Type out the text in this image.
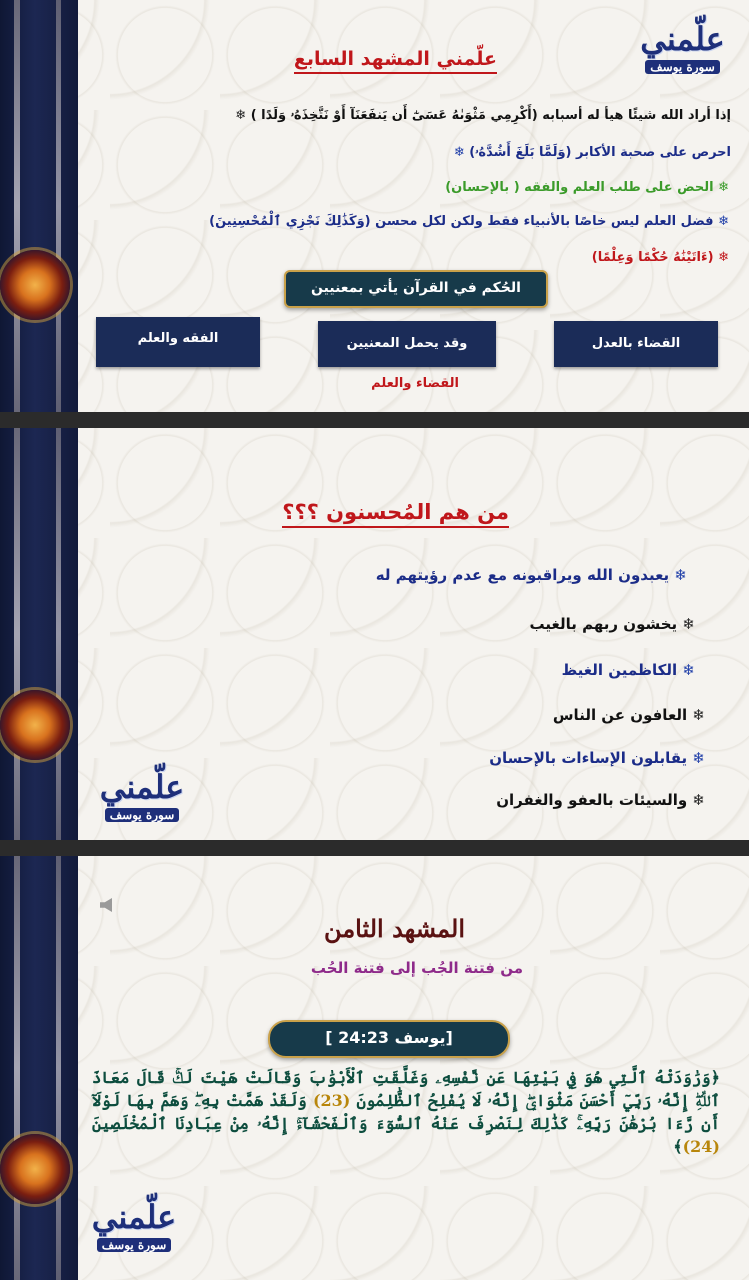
علّمني
سورة يوسف
علّمني المشهد السابع
إذا أراد الله شيئًا هيأ له أسبابه (أَكْرِمِي مَثْوَىٰهُ عَسَىٰٓ أَن يَنفَعَنَآ أَوْ نَتَّخِذَهُۥ وَلَدًا ) ❄
احرص على صحبة الأكابر (وَلَمَّا بَلَغَ أَشُدَّهُۥ) ❄
❄ الحض على طلب العلم والفقه ( بالإحسان)
❄ فضل العلم ليس خاصًا بالأنبياء فقط ولكن لكل محسن (وَكَذَٰلِكَ نَجْزِي ٱلْمُحْسِنِينَ)
❄ (ءَاتَيْنَٰهُ حُكْمًا وَعِلْمًا)
الحُكم في القرآن يأتي بمعنيين
القضاء بالعدل
وقد يحمل المعنيين
الفقه والعلم
القضاء والعلم
من هم المُحسنون ؟؟؟
❄ يعبدون الله ويراقبونه مع عدم رؤيتهم له
❄ يخشون ربهم بالغيب
❄ الكاظمين الغيظ
❄ العافون عن الناس
❄ يقابلون الإساءات بالإحسان
❄ والسيئات بالعفو والغفران
علّمني
سورة يوسف
المشهد الثامن
من فتنة الجُب إلى فتنة الحُب
[يوسف 24:23 ]
﴿وَرَٰوَدَتْهُ ٱلَّتِي هُوَ فِي بَيْتِهَا عَن نَّفْسِهِۦ وَغَلَّقَتِ ٱلْأَبْوَٰبَ وَقَالَتْ هَيْتَ لَكَۚ قَالَ مَعَاذَ ٱللَّهِۖ إِنَّهُۥ رَبِّيٓ أَحْسَنَ مَثْوَايَۖ إِنَّهُۥ لَا يُفْلِحُ ٱلظَّٰلِمُونَ (23) وَلَقَدْ هَمَّتْ بِهِۦۖ وَهَمَّ بِهَا لَوْلَآ أَن رَّءَا بُرْهَٰنَ رَبِّهِۦۚ كَذَٰلِكَ لِنَصْرِفَ عَنْهُ ٱلسُّوٓءَ وَٱلْفَحْشَآءَۚ إِنَّهُۥ مِنْ عِبَادِنَا ٱلْمُخْلَصِينَ (24)﴾
علّمني
سورة يوسف
